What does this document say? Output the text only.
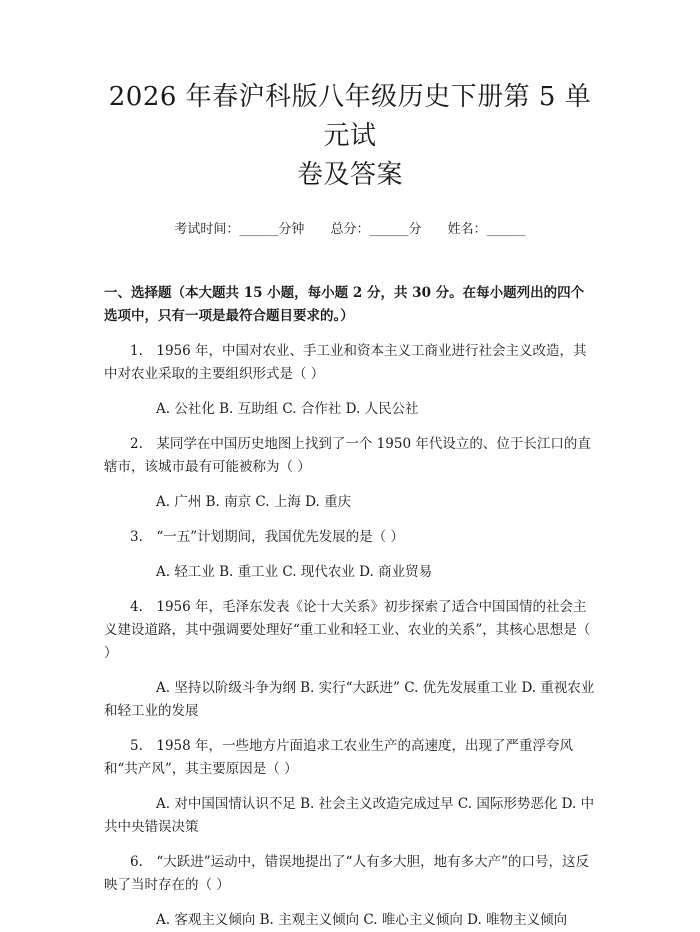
2026 年春沪科版八年级历史下册第 5 单元试
卷及答案
考试时间：______分钟 总分：______分 姓名：______
一、选择题（本大题共 15 小题，每小题 2 分，共 30 分。在每小题列出的四个选项中，只有一项是最符合题目要求的。）
1.　1956 年，中国对农业、手工业和资本主义工商业进行社会主义改造，其中对农业采取的主要组织形式是（ ）
A. 公社化 B. 互助组 C. 合作社 D. 人民公社
2.　某同学在中国历史地图上找到了一个 1950 年代设立的、位于长江口的直辖市，该城市最有可能被称为（ ）
A. 广州 B. 南京 C. 上海 D. 重庆
3.　“一五”计划期间，我国优先发展的是（ ）
A. 轻工业 B. 重工业 C. 现代农业 D. 商业贸易
4.　1956 年，毛泽东发表《论十大关系》初步探索了适合中国国情的社会主义建设道路，其中强调要处理好“重工业和轻工业、农业的关系”，其核心思想是（ ）
A. 坚持以阶级斗争为纲 B. 实行“大跃进” C. 优先发展重工业 D. 重视农业和轻工业的发展
5.　1958 年，一些地方片面追求工农业生产的高速度，出现了严重浮夸风和“共产风”，其主要原因是（ ）
A. 对中国国情认识不足 B. 社会主义改造完成过早 C. 国际形势恶化 D. 中共中央错误决策
6.　“大跃进”运动中，错误地提出了“人有多大胆，地有多大产”的口号，这反映了当时存在的（ ）
A. 客观主义倾向 B. 主观主义倾向 C. 唯心主义倾向 D. 唯物主义倾向
